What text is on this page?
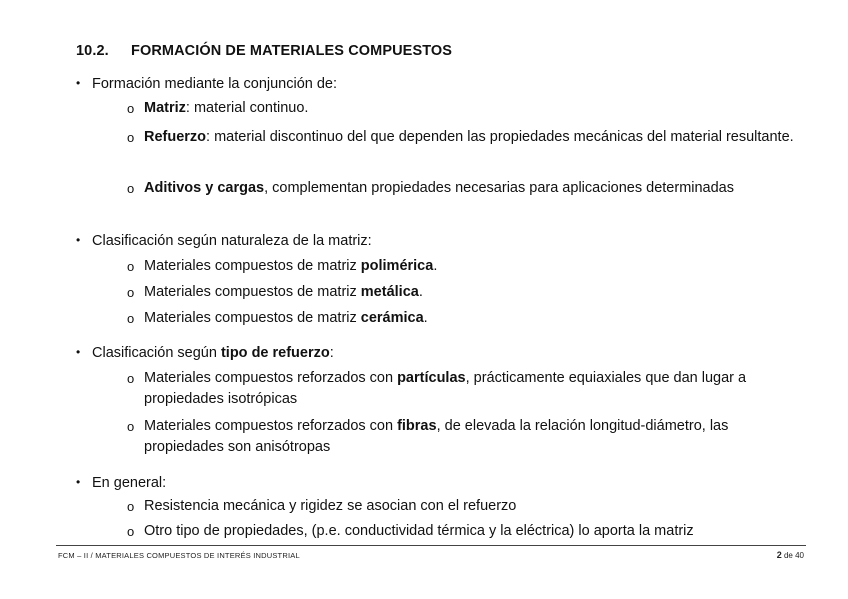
10.2. FORMACIÓN DE MATERIALES COMPUESTOS
• Formación mediante la conjunción de:
o Matriz: material continuo.
o Refuerzo: material discontinuo del que dependen las propiedades mecánicas del material resultante.
o Aditivos y cargas, complementan propiedades necesarias para aplicaciones determinadas
• Clasificación según naturaleza de la matriz:
o Materiales compuestos de matriz polimérica.
o Materiales compuestos de matriz metálica.
o Materiales compuestos de matriz cerámica.
• Clasificación según tipo de refuerzo:
o Materiales compuestos reforzados con partículas, prácticamente equiaxiales que dan lugar a propiedades isotrópicas
o Materiales compuestos reforzados con fibras, de elevada la relación longitud-diámetro, las propiedades son anisótropas
• En general:
o Resistencia mecánica y rigidez se asocian con el refuerzo
o Otro tipo de propiedades, (p.e. conductividad térmica y la eléctrica) lo aporta la matriz
FCM – II / MATERIALES COMPUESTOS DE INTERÉS INDUSTRIAL	2 de 40
